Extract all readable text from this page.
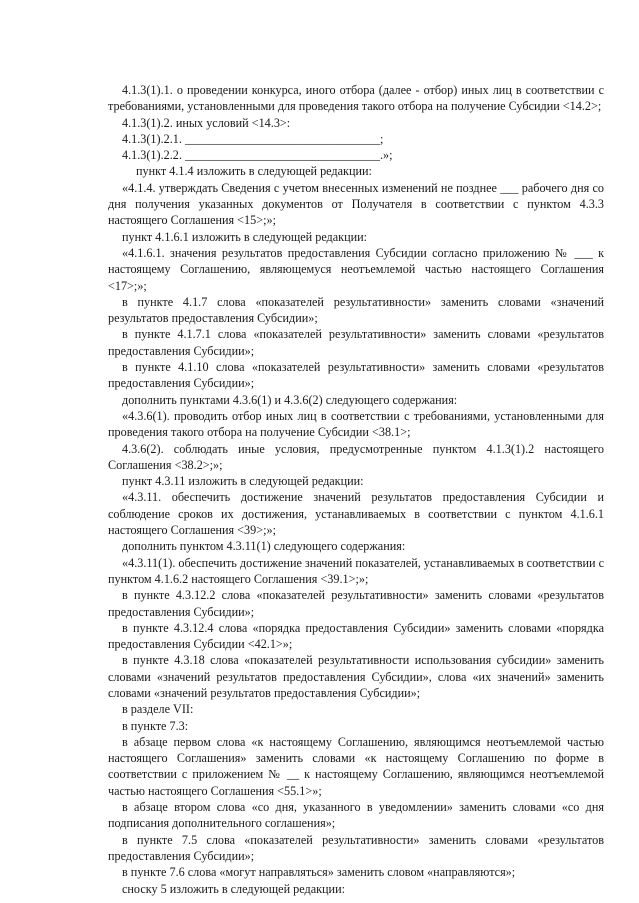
4.1.3(1).1. о проведении конкурса, иного отбора (далее - отбор) иных лиц в соответствии с требованиями, установленными для проведения такого отбора на получение Субсидии <14.2>;

4.1.3(1).2. иных условий <14.3>:

4.1.3(1).2.1. ________________________________;

4.1.3(1).2.2. ________________________________.»;

пункт 4.1.4 изложить в следующей редакции:

«4.1.4. утверждать Сведения с учетом внесенных изменений не позднее ___ рабочего дня со дня получения указанных документов от Получателя в соответствии с пунктом 4.3.3 настоящего Соглашения <15>;»;

пункт 4.1.6.1 изложить в следующей редакции:

«4.1.6.1. значения результатов предоставления Субсидии согласно приложению № ___ к настоящему Соглашению, являющемуся неотъемлемой частью настоящего Соглашения <17>;»;

в пункте 4.1.7 слова «показателей результативности» заменить словами «значений результатов предоставления Субсидии»;

в пункте 4.1.7.1 слова «показателей результативности» заменить словами «результатов предоставления Субсидии»;

в пункте 4.1.10 слова «показателей результативности» заменить словами «результатов предоставления Субсидии»;

дополнить пунктами 4.3.6(1) и 4.3.6(2) следующего содержания:

«4.3.6(1). проводить отбор иных лиц в соответствии с требованиями, установленными для проведения такого отбора на получение Субсидии <38.1>;

4.3.6(2). соблюдать иные условия, предусмотренные пунктом 4.1.3(1).2 настоящего Соглашения <38.2>;»;

пункт 4.3.11 изложить в следующей редакции:

«4.3.11. обеспечить достижение значений результатов предоставления Субсидии и соблюдение сроков их достижения, устанавливаемых в соответствии с пунктом 4.1.6.1 настоящего Соглашения <39>;»;

дополнить пунктом 4.3.11(1) следующего содержания:

«4.3.11(1). обеспечить достижение значений показателей, устанавливаемых в соответствии с пунктом 4.1.6.2 настоящего Соглашения <39.1>;»;

в пункте 4.3.12.2 слова «показателей результативности» заменить словами «результатов предоставления Субсидии»;

в пункте 4.3.12.4 слова «порядка предоставления Субсидии» заменить словами «порядка предоставления Субсидии <42.1>»;

в пункте 4.3.18 слова «показателей результативности использования субсидии» заменить словами «значений результатов предоставления Субсидии», слова «их значений» заменить словами «значений результатов предоставления Субсидии»;

в разделе VII:

в пункте 7.3:

в абзаце первом слова «к настоящему Соглашению, являющимся неотъемлемой частью настоящего Соглашения» заменить словами «к настоящему Соглашению по форме в соответствии с приложением № __ к настоящему Соглашению, являющимся неотъемлемой частью настоящего Соглашения <55.1>»;

в абзаце втором слова «со дня, указанного в уведомлении» заменить словами «со дня подписания дополнительного соглашения»;

в пункте 7.5 слова «показателей результативности» заменить словами «результатов предоставления Субсидии»;

в пункте 7.6 слова «могут направляться» заменить словом «направляются»;

сноску 5 изложить в следующей редакции:
